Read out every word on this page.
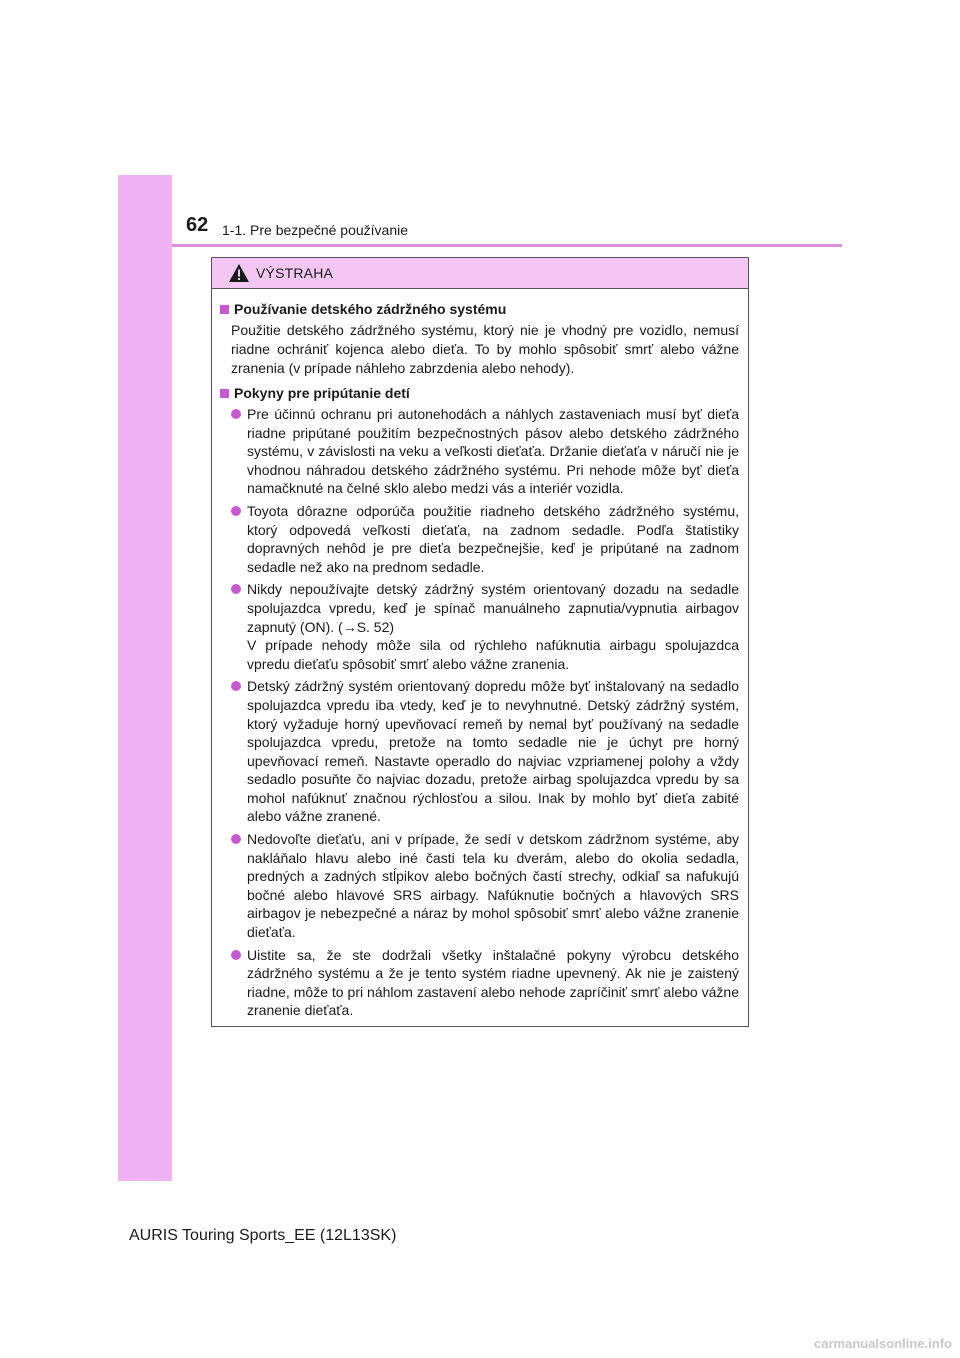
62 1-1. Pre bezpečné používanie
VÝSTRAHA
Používanie detského zádržného systému
Použitie detského zádržného systému, ktorý nie je vhodný pre vozidlo, nemusí riadne ochrániť kojenca alebo dieťa. To by mohlo spôsobiť smrť alebo vážne zranenia (v prípade náhleho zabrzdenia alebo nehody).
Pokyny pre pripútanie detí
Pre účinnú ochranu pri autonehodách a náhlych zastaveniach musí byť dieťa riadne pripútané použitím bezpečnostných pásov alebo detského zádržného systému, v závislosti na veku a veľkosti dieťaťa. Držanie dieťaťa v náručí nie je vhodnou náhradou detského zádržného systému. Pri nehode môže byť dieťa namačknuté na čelné sklo alebo medzi vás a interiér vozidla.
Toyota dôrazne odporúča použitie riadneho detského zádržného systému, ktorý odpovedá veľkosti dieťaťa, na zadnom sedadle. Podľa štatistiky dopravných nehôd je pre dieťa bezpečnejšie, keď je pripútané na zadnom sedadle než ako na prednom sedadle.
Nikdy nepoužívajte detský zádržný systém orientovaný dozadu na sedadle spolujazdca vpredu, keď je spínač manuálneho zapnutia/vypnutia airbagov zapnutý (ON). (→S. 52)
V prípade nehody môže sila od rýchleho nafúknutia airbagu spolujazdca vpredu dieťaťu spôsobiť smrť alebo vážne zranenia.
Detský zádržný systém orientovaný dopredu môže byť inštalovaný na sedadlo spolujazdca vpredu iba vtedy, keď je to nevyhnutné. Detský zádržný systém, ktorý vyžaduje horný upevňovací remeň by nemal byť používaný na sedadle spolujazdca vpredu, pretože na tomto sedadle nie je úchyt pre horný upevňovací remeň. Nastavte operadlo do najviac vzpriamenej polohy a vždy sedadlo posuňte čo najviac dozadu, pretože airbag spolujazdca vpredu by sa mohol nafúknuť značnou rýchlosťou a silou. Inak by mohlo byť dieťa zabité alebo vážne zranené.
Nedovoľte dieťaťu, ani v prípade, že sedí v detskom zádržnom systéme, aby nakláňalo hlavu alebo iné časti tela ku dverám, alebo do okolia sedadla, predných a zadných stĺpikov alebo bočných častí strechy, odkiaľ sa nafukujú bočné alebo hlavové SRS airbagy. Nafúknutie bočných a hlavových SRS airbagov je nebezpečné a náraz by mohol spôsobiť smrť alebo vážne zranenie dieťaťa.
Uistite sa, že ste dodržali všetky inštalačné pokyny výrobcu detského zádržného systému a že je tento systém riadne upevnený. Ak nie je zaistený riadne, môže to pri náhlom zastavení alebo nehode zapríčiniť smrť alebo vážne zranenie dieťaťa.
AURIS Touring Sports_EE (12L13SK)
carmanualsonline.info
